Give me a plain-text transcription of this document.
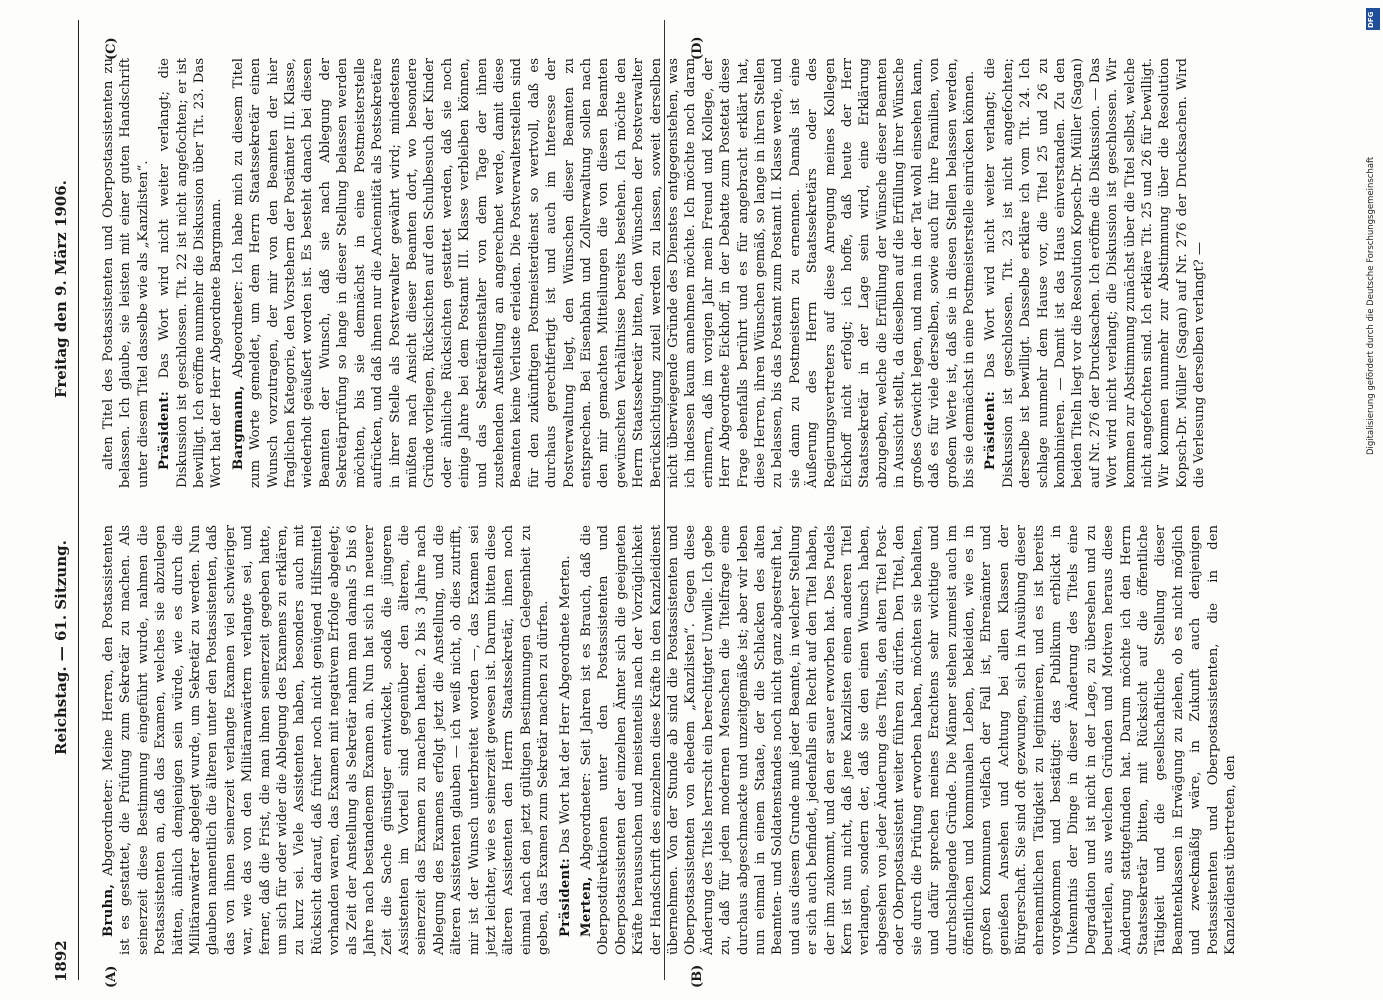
1892
Reichstag. — 61. Sitzung.
Freitag den 9. März 1906.
(A)	(B)
(C)	(D)

Bruhn, Abgeordneter: Meine Herren, den Postassistenten ist es gestattet, die Prüfung zum Sekretär zu machen. Als seinerzeit diese Bestimmung eingeführt wurde, nahmen die Postassistenten an, daß das Examen, welches sie abzulegen hätten, ähnlich demjenigen sein würde, wie es durch die Militäranwärter abgelegt wurde, um Sekretär zu werden. Nun glauben namentlich die älteren unter den Postassistenten, daß das von ihnen seinerzeit verlangte Examen viel schwieriger war, wie das von den Militäranwärtern verlangte sei, und ferner, daß die Frist, die man ihnen seinerzeit gegeben hatte, um sich für oder wider die Ablegung des Examens zu erklären, zu kurz sei. Viele Assistenten haben, besonders auch mit Rücksicht darauf, daß früher noch nicht genügend Hilfsmittel vorhanden waren, das Examen mit negativem Erfolge abgelegt; als Zeit der Anstellung als Sekretär nahm man damals 5 bis 6 Jahre nach bestandenem Examen an. Nun hat sich in neuerer Zeit die Sache günstiger entwickelt, sodaß die jüngeren Assistenten im Vorteil sind gegenüber den älteren, die seinerzeit das Examen zu machen hatten. 2 bis 3 Jahre nach Ablegung des Examens erfolgt jetzt die Anstellung, und die älteren Assistenten glauben — ich weiß nicht, ob dies zutrifft, mir ist der Wunsch unterbreitet worden —, das Examen sei jetzt leichter, wie es seinerzeit gewesen ist. Darum bitten diese älteren Assistenten den Herrn Staatssekretär, ihnen noch einmal nach den jetzt gültigen Bestimmungen Gelegenheit zu geben, das Examen zum Sekretär machen zu dürfen. Präsident: Das Wort hat der Herr Abgeordnete Merten.

Merten, Abgeordneter: Seit Jahren ist es Brauch, daß die Oberpostdirektionen unter den Postassistenten und Oberpostassistenten der einzelnen Ämter sich die geeigneten Kräfte heraussuchen und meistenteils nach der Vorzüglichkeit der Handschrift des einzelnen diese Kräfte in den Kanzleidienst übernehmen. Von der Stunde ab sind die Postassistenten und Oberpostassistenten von ehedem „Kanzlisten“. Gegen diese Änderung des Titels herrscht ein berechtigter Unwille. Ich gebe zu, daß für jeden modernen Menschen die Titelfrage eine durchaus abgeschmackte und unzeitgemäße ist; aber wir leben nun einmal in einem Staate, der die Schlacken des alten Beamten- und Soldatenstandes noch nicht ganz abgestreift hat, und aus diesem Grunde muß jeder Beamte, in welcher Stellung er sich auch befindet, jedenfalls ein Recht auf den Titel haben, der ihm zukommt, und den er sauer erworben hat. Des Pudels Kern ist nun nicht, daß jene Kanzlisten einen anderen Titel verlangen, sondern der, daß sie den einen Wunsch haben, abgesehen von jeder Änderung des Titels, den alten Titel Post- oder Oberpostassistent weiter führen zu dürfen. Den Titel, den sie durch die Prüfung erworben haben, möchten sie behalten, und dafür sprechen meines Erachtens sehr wichtige und durchschlagende Gründe. Die Männer stehen zumeist auch im öffentlichen und kommunalen Leben, bekleiden, wie es in großen Kommunen vielfach der Fall ist, Ehrenämter und genießen Ansehen und Achtung bei allen Klassen der Bürgerschaft. Sie sind oft gezwungen, sich in Ausübung dieser ehrenamtlichen Tätigkeit zu legitimieren, und es ist bereits vorgekommen und bestätigt: das Publikum erblickt in Unkenntnis der Dinge in dieser Änderung des Titels eine Degradation und ist nicht in der Lage, zu übersehen und zu beurteilen, aus welchen Gründen und Motiven heraus diese Änderung stattgefunden hat. Darum möchte ich den Herrn Staatssekretär bitten, mit Rücksicht auf die öffentliche Tätigkeit und die gesellschaftliche Stellung dieser Beamtenklassen in Erwägung zu ziehen, ob es nicht möglich und zweckmäßig wäre, in Zukunft auch denjenigen Postassistenten und Oberpostassistenten, die in den Kanzleidienst übertreten, den

alten Titel des Postassistenten und Oberpostassistenten zu belassen. Ich glaube, sie leisten mit einer guten Handschrift unter diesem Titel dasselbe wie als „Kanzlisten“. Präsident: Das Wort wird nicht weiter verlangt; die Diskussion ist geschlossen. Tit. 22 ist nicht angefochten; er ist bewilligt. Ich eröffne nunmehr die Diskussion über Tit. 23. Das Wort hat der Herr Abgeordnete Bargmann. Bargmann, Abgeordneter: Ich habe mich zu diesem Titel zum Worte gemeldet, um dem Herrn Staatssekretär einen Wunsch vorzutragen, der mir von den Beamten der hier fraglichen Kategorie, den Vorstehern der Postämter III. Klasse, wiederholt geäußert worden ist. Es besteht danach bei diesen Beamten der Wunsch, daß sie nach Ablegung der Sekretärprüfung so lange in dieser Stellung belassen werden möchten, bis sie demnächst in eine Postmeisterstelle aufrücken, und daß ihnen nur die Anciennität als Postsekretäre in ihrer Stelle als Postverwalter gewährt wird; mindestens müßten nach Ansicht dieser Beamten dort, wo besondere Gründe vorliegen, Rücksichten auf den Schulbesuch der Kinder oder ähnliche Rücksichten gestattet werden, daß sie noch einige Jahre bei dem Postamt III. Klasse verbleiben können, und das Sekretärdienstalter von dem Tage der ihnen zustehenden Anstellung an angerechnet werde, damit diese Beamten keine Verluste erleiden. Die Postverwalterstellen sind für den zukünftigen Postmeisterdienst so wertvoll, daß es durchaus gerechtfertigt ist und auch im Interesse der Postverwaltung liegt, den Wünschen dieser Beamten zu entsprechen. Bei Eisenbahn und Zollverwaltung sollen nach den mir gemachten Mitteilungen die von diesen Beamten gewünschten Verhältnisse bereits bestehen. Ich möchte den Herrn Staatssekretär bitten, den Wünschen der Postverwalter Berücksichtigung zuteil werden zu lassen, soweit derselben nicht überwiegende Gründe des Dienstes entgegenstehen, was ich indessen kaum annehmen möchte. Ich möchte noch daran erinnern, daß im vorigen Jahr mein Freund und Kollege, der Herr Abgeordnete Eickhoff, in der Debatte zum Postetat diese Frage ebenfalls berührt und es für angebracht erklärt hat, diese Herren, ihren Wünschen gemäß, so lange in ihren Stellen zu belassen, bis das Postamt zum Postamt II. Klasse werde, und sie dann zu Postmeistern zu ernennen. Damals ist eine Äußerung des Herrn Staatssekretärs oder des Regierungsvertreters auf diese Anregung meines Kollegen Eickhoff nicht erfolgt; ich hoffe, daß heute der Herr Staatssekretär in der Lage sein wird, eine Erklärung abzugeben, welche die Erfüllung der Wünsche dieser Beamten in Aussicht stellt, da dieselben auf die Erfüllung ihrer Wünsche großes Gewicht legen, und man in der Tat wohl einsehen kann, daß es für viele derselben, sowie auch für ihre Familien, von großem Werte ist, daß sie in diesen Stellen belassen werden, bis sie demnächst in eine Postmeisterstelle einrücken können. Präsident: Das Wort wird nicht weiter verlangt; die Diskussion ist geschlossen. Tit. 23 ist nicht angefochten; derselbe ist bewilligt. Dasselbe erkläre ich vom Tit. 24. Ich schlage nunmehr dem Hause vor, die Titel 25 und 26 zu kombinieren. — Damit ist das Haus einverstanden. Zu den beiden Titeln liegt vor die Resolution Kopsch-Dr. Müller (Sagan) auf Nr. 276 der Drucksachen. Ich eröffne die Diskussion. — Das Wort wird nicht verlangt; die Diskussion ist geschlossen. Wir kommen zur Abstimmung zunächst über die Titel selbst, welche nicht angefochten sind. Ich erkläre Tit. 25 und 26 für bewilligt. Wir kommen nunmehr zur Abstimmung über die Resolution Kopsch-Dr. Müller (Sagan) auf Nr. 276 der Drucksachen. Wird die Verlesung derselben verlangt? —	Digitalisierung gefördert durch die Deutsche Forschungsgemeinschaft
DFG
